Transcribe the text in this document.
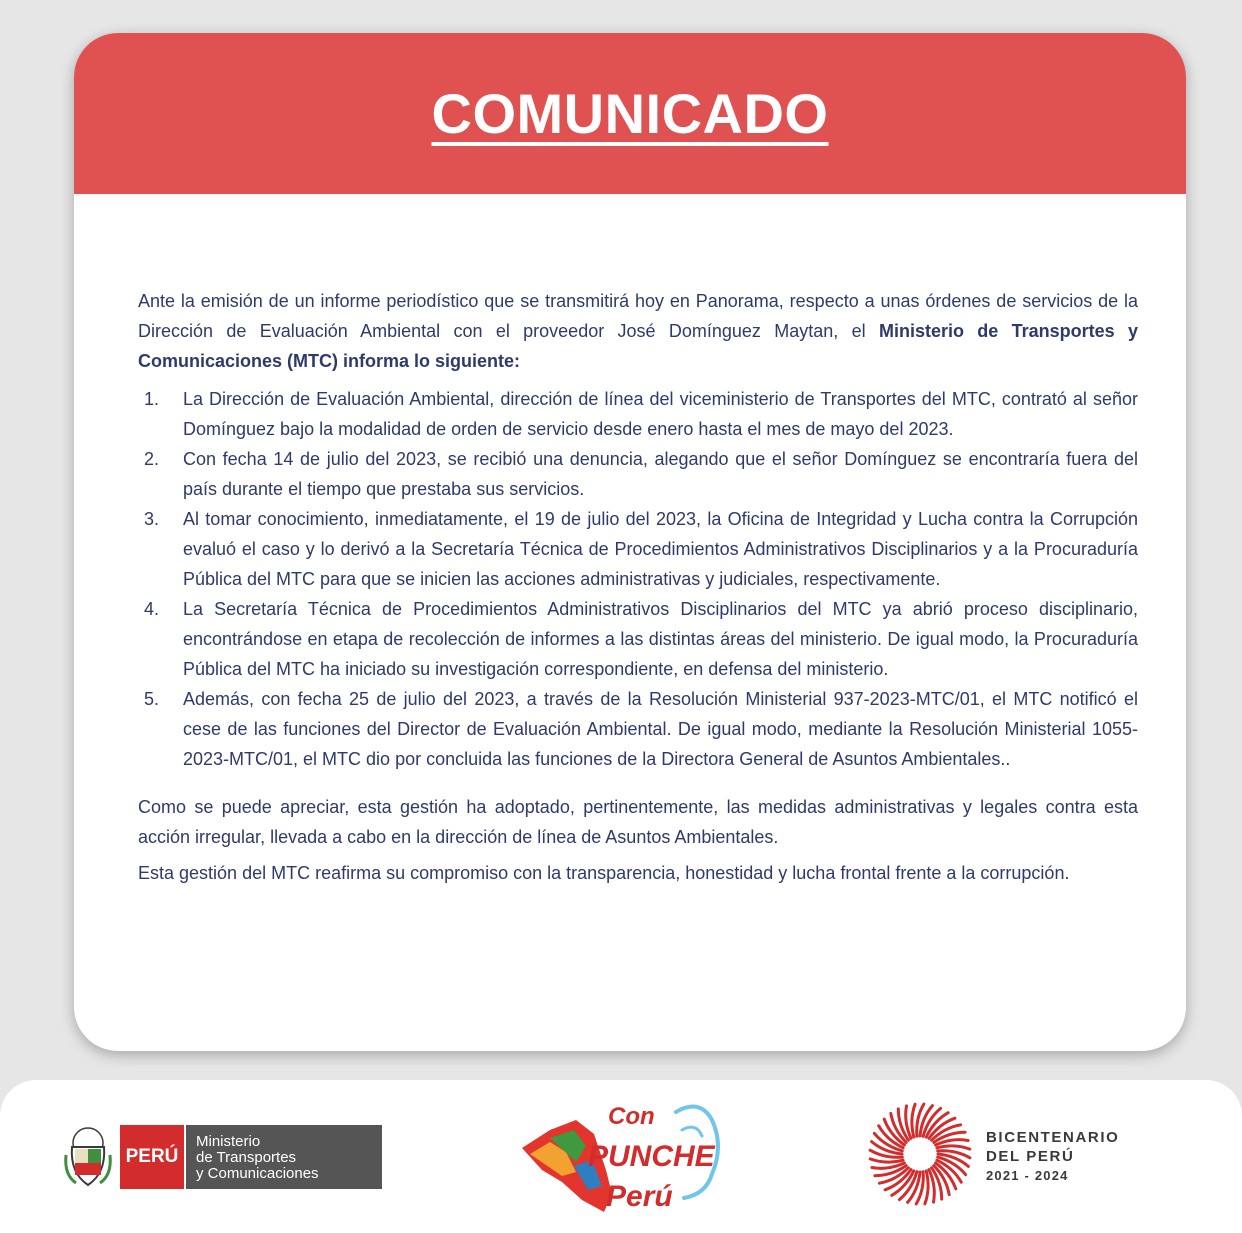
COMUNICADO

Ante la emisión de un informe periodístico que se transmitirá hoy en Panorama, respecto a unas órdenes de servicios de la Dirección de Evaluación Ambiental con el proveedor José Domínguez Maytan, el Ministerio de Transportes y Comunicaciones (MTC) informa lo siguiente:

1. La Dirección de Evaluación Ambiental, dirección de línea del viceministerio de Transportes del MTC, contrató al señor Domínguez bajo la modalidad de orden de servicio desde enero hasta el mes de mayo del 2023.
2. Con fecha 14 de julio del 2023, se recibió una denuncia, alegando que el señor Domínguez se encontraría fuera del país durante el tiempo que prestaba sus servicios.
3. Al tomar conocimiento, inmediatamente, el 19 de julio del 2023, la Oficina de Integridad y Lucha contra la Corrupción evaluó el caso y lo derivó a la Secretaría Técnica de Procedimientos Administrativos Disciplinarios y a la Procuraduría Pública del MTC para que se inicien las acciones administrativas y judiciales, respectivamente.
4. La Secretaría Técnica de Procedimientos Administrativos Disciplinarios del MTC ya abrió proceso disciplinario, encontrándose en etapa de recolección de informes a las distintas áreas del ministerio. De igual modo, la Procuraduría Pública del MTC ha iniciado su investigación correspondiente, en defensa del ministerio.
5. Además, con fecha 25 de julio del 2023, a través de la Resolución Ministerial 937-2023-MTC/01, el MTC notificó el cese de las funciones del Director de Evaluación Ambiental. De igual modo, mediante la Resolución Ministerial 1055-2023-MTC/01, el MTC dio por concluida las funciones de la Directora General de Asuntos Ambientales..

Como se puede apreciar, esta gestión ha adoptado, pertinentemente, las medidas administrativas y legales contra esta acción irregular, llevada a cabo en la dirección de línea de Asuntos Ambientales.

Esta gestión del MTC reafirma su compromiso con la transparencia, honestidad y lucha frontal frente a la corrupción.

PERÚ
Ministerio
de Transportes
y Comunicaciones
Con
PUNCHE
Perú
BICENTENARIO
DEL PERÚ
2021 - 2024
